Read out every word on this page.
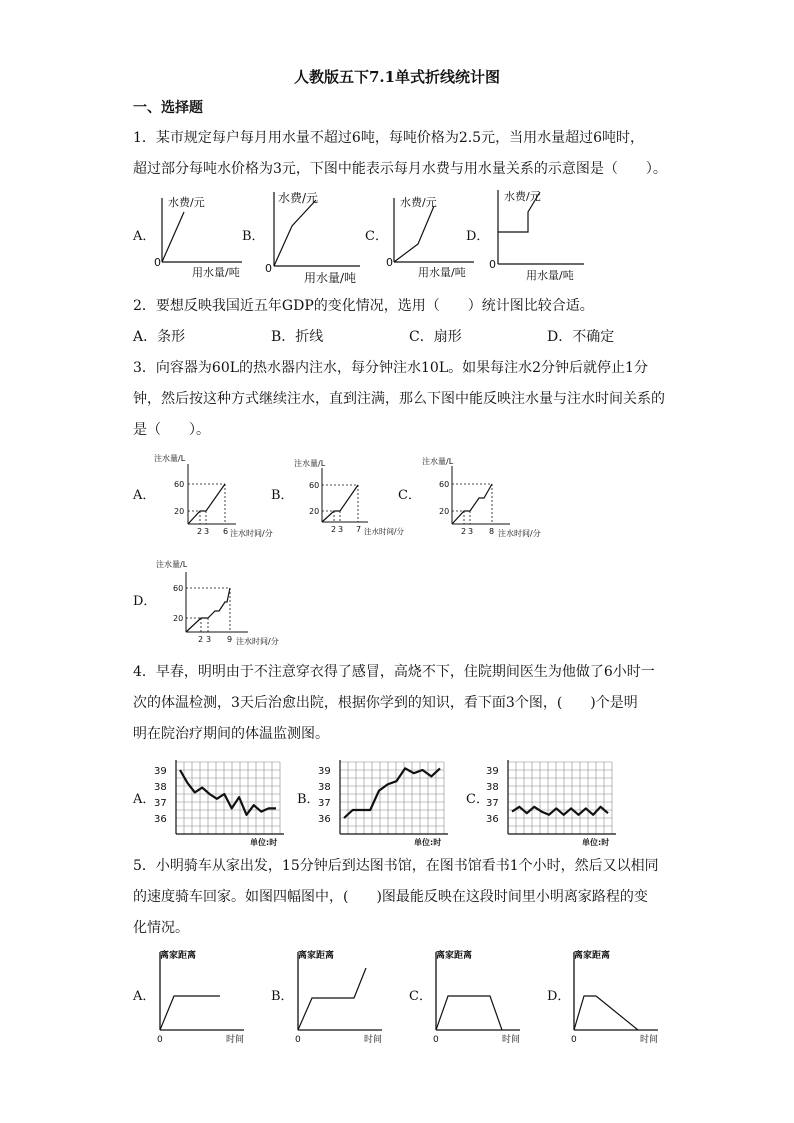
人教版五下7.1单式折线统计图
一、选择题
1．某市规定每户每月用水量不超过6吨，每吨价格为2.5元，当用水量超过6吨时，
超过部分每吨水价格为3元，下图中能表示每月水费与用水量关系的示意图是（　　）。
A．
水费/元
0
用水量/吨
B．
水费/元
0
用水量/吨
C．
水费/元
0
用水量/吨
D．
水费/元
0
用水量/吨
2．要想反映我国近五年GDP的变化情况，选用（　　）统计图比较合适。
A．条形	B．折线	C．扇形	D．不确定
3．向容器为60L的热水器内注水，每分钟注水10L。如果每注水2分钟后就停止1分
钟，然后按这种方式继续注水，直到注满，那么下图中能反映注水量与注水时间关系的
是（　　）。
A．
注水量/L
60
20
2 3 6 注水时间/分
B．
注水量/L
60
20
2 3 7 注水时间/分
C．
注水量/L
60
20
2 3 8 注水时间/分
D．
注水量/L
60
20
2 3 9 注水时间/分
4．早春，明明由于不注意穿衣得了感冒，高烧不下，住院期间医生为他做了6小时一
次的体温检测，3天后治愈出院，根据你学到的知识，看下面3个图，(　　)个是明
明在院治疗期间的体温监测图。
A．
36
37
38
39
单位:时
B．
36
37
38
39
单位:时
C．
36
37
38
39
单位:时
5．小明骑车从家出发，15分钟后到达图书馆，在图书馆看书1个小时，然后又以相同
的速度骑车回家。如图四幅图中，(　　)图最能反映在这段时间里小明离家路程的变
化情况。
A．
离家距离
0	时间
B．
离家距离
0	时间
C．
离家距离
0	时间
D．
离家距离
0	时间
